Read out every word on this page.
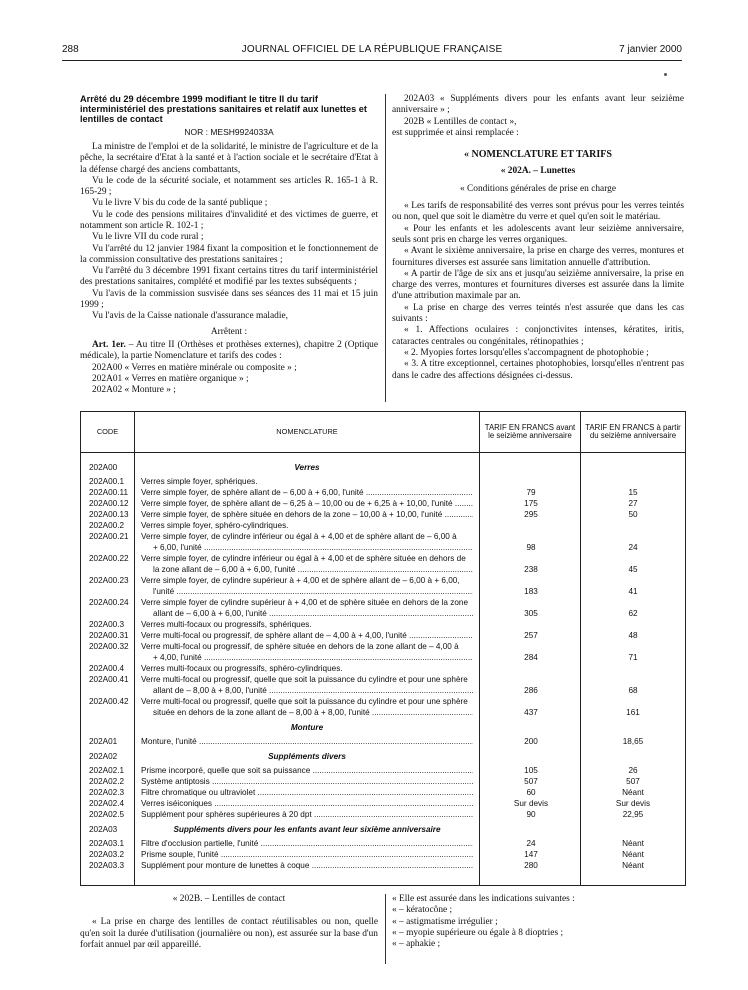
288	JOURNAL OFFICIEL DE LA RÉPUBLIQUE FRANÇAISE	7 janvier 2000

Arrêté du 29 décembre 1999 modifiant le titre II du tarif interministériel des prestations sanitaires et relatif aux lunettes et lentilles de contact

NOR : MESH9924033A

La ministre de l'emploi et de la solidarité, le ministre de l'agriculture et de la pêche, la secrétaire d'Etat à la santé et à l'action sociale et le secrétaire d'Etat à la défense chargé des anciens combattants,

Vu le code de la sécurité sociale, et notamment ses articles R. 165-1 à R. 165-29 ;

Vu le livre V bis du code de la santé publique ;

Vu le code des pensions militaires d'invalidité et des victimes de guerre, et notamment son article R. 102-1 ;

Vu le livre VII du code rural ;

Vu l'arrêté du 12 janvier 1984 fixant la composition et le fonctionnement de la commission consultative des prestations sanitaires ;

Vu l'arrêté du 3 décembre 1991 fixant certains titres du tarif interministériel des prestations sanitaires, complété et modifié par les textes subséquents ;

Vu l'avis de la commission susvisée dans ses séances des 11 mai et 15 juin 1999 ;

Vu l'avis de la Caisse nationale d'assurance maladie,

Arrêtent :

Art. 1er. – Au titre II (Orthèses et prothèses externes), chapitre 2 (Optique médicale), la partie Nomenclature et tarifs des codes :

202A00 « Verres en matière minérale ou composite » ;

202A01 « Verres en matière organique » ;

202A02 « Monture » ;

202A03 « Suppléments divers pour les enfants avant leur seizième anniversaire » ;

202B « Lentilles de contact »,

est supprimée et ainsi remplacée :

« NOMENCLATURE ET TARIFS

« 202A. – Lunettes

« Conditions générales de prise en charge

« Les tarifs de responsabilité des verres sont prévus pour les verres teintés ou non, quel que soit le diamètre du verre et quel qu'en soit le matériau.

« Pour les enfants et les adolescents avant leur seizième anniversaire, seuls sont pris en charge les verres organiques.

« Avant le sixième anniversaire, la prise en charge des verres, montures et fournitures diverses est assurée sans limitation annuelle d'attribution.

« A partir de l'âge de six ans et jusqu'au seizième anniversaire, la prise en charge des verres, montures et fournitures diverses est assurée dans la limite d'une attribution maximale par an.

« La prise en charge des verres teintés n'est assurée que dans les cas suivants :

« 1. Affections oculaires : conjonctivites intenses, kératites, iritis, cataractes centrales ou congénitales, rétinopathies ;

« 2. Myopies fortes lorsqu'elles s'accompagnent de photophobie ;

« 3. A titre exceptionnel, certaines photophobies, lorsqu'elles n'entrent pas dans le cadre des affections désignées ci-dessus.

CODE	NOMENCLATURE	TARIF EN FRANCS avant le seizième anniversaire
TARIF EN FRANCS à partir du seizième anniversaire
202A00	Verres
202A00.1 Verres simple foyer, sphériques.
202A00.11 Verre simple foyer, de sphère allant de – 6,00 à + 6,00, l'unité .....	79	15
202A00.12 Verre simple foyer, de sphère allant de – 6,25 à – 10,00 ou de + 6,25 à + 10,00, l'unité .....	175	27
202A00.13 Verre simple foyer, de sphère située en dehors de la zone – 10,00 à + 10,00, l'unité .....	295	50
202A00.2 Verres simple foyer, sphéro-cylindriques.
202A00.21 Verre simple foyer, de cylindre inférieur ou égal à + 4,00 et de sphère allant de – 6,00 à
+ 6,00, l'unité .....	98	24
202A00.22 Verre simple foyer, de cylindre inférieur ou égal à + 4,00 et de sphère située en dehors de
la zone allant de – 6,00 à + 6,00, l'unité .....	238	45
202A00.23 Verre simple foyer, de cylindre supérieur à + 4,00 et de sphère allant de – 6,00 à + 6,00,
l'unité .....	183	41
202A00.24 Verre simple foyer de cylindre supérieur à + 4,00 et de sphère située en dehors de la zone
allant de – 6,00 à + 6,00, l'unité .....	305	62
202A00.3 Verres multi-focaux ou progressifs, sphériques.
202A00.31 Verre multi-focal ou progressif, de sphère allant de – 4,00 à + 4,00, l'unité .....	257	48
202A00.32 Verre multi-focal ou progressif, de sphère située en dehors de la zone allant de – 4,00 à
+ 4,00, l'unité .....	284	71
202A00.4 Verres multi-focaux ou progressifs, sphéro-cylindriques.
202A00.41 Verre multi-focal ou progressif, quelle que soit la puissance du cylindre et pour une sphère
allant de – 8,00 à + 8,00, l'unité .....	286	68
202A00.42 Verre multi-focal ou progressif, quelle que soit la puissance du cylindre et pour une sphère
située en dehors de la zone allant de – 8,00 à + 8,00, l'unité .....	437	161
Monture
202A01	Monture, l'unité .....	200	18,65
202A02	Suppléments divers
202A02.1 Prisme incorporé, quelle que soit sa puissance .....	105	26
202A02.2 Système antiptosis .....	507	507
202A02.3 Filtre chromatique ou ultraviolet .....	60	Néant
202A02.4 Verres iséiconiques .....	Sur devis	Sur devis
202A02.5 Supplément pour sphères supérieures à 20 dpt .....	90	22,95
202A03	Suppléments divers pour les enfants avant leur sixième anniversaire
202A03.1 Filtre d'occlusion partielle, l'unité .....	24	Néant
202A03.2 Prisme souple, l'unité .....	147	Néant
202A03.3 Supplément pour monture de lunettes à coque .....	280	Néant

« 202B. – Lentilles de contact

« La prise en charge des lentilles de contact réutilisables ou non, quelle qu'en soit la durée d'utilisation (journalière ou non), est assurée sur la base d'un forfait annuel par œil appareillé.

« Elle est assurée dans les indications suivantes :

« – kératocône ;

« – astigmatisme irrégulier ;

« – myopie supérieure ou égale à 8 dioptries ;

« – aphakie ;
